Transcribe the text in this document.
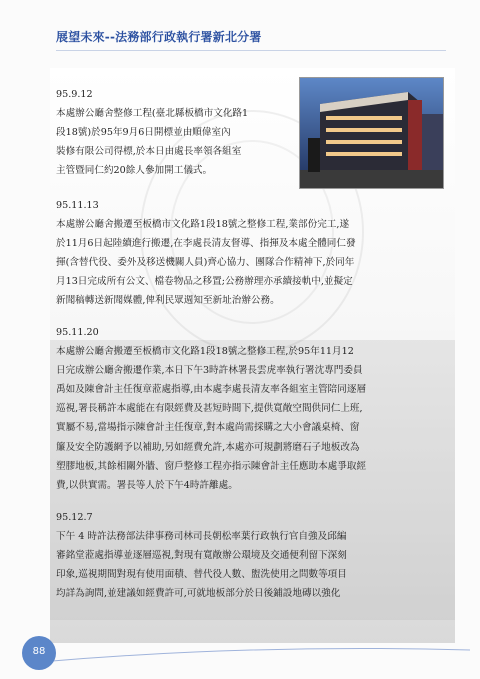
展望未來--法務部行政執行署新北分署
95.9.12
本處辦公廳舍整修工程(臺北縣板橋市文化路1
段18號)於95年9月6日開標並由順偉室內
裝修有限公司得標,於本日由處長率領各組室
主管暨同仁約20餘人參加開工儀式。
95.11.13
本處辦公廳舍搬遷至板橋市文化路1段18號之整修工程,業部份完工,遂
於11月6日起陸續進行搬遷,在李處長清友督導、指揮及本處全體同仁發
揮(含替代役、委外及移送機關人員)齊心協力、團隊合作精神下,於同年
月13日完成所有公文、檔卷物品之移置;公務辦理亦承續接軌中,並擬定
新聞稿轉送新聞媒體,俾利民眾週知至新址治辦公務。
95.11.20
本處辦公廳舍搬遷至板橋市文化路1段18號之整修工程,於95年11月12
日完成辦公廳舍搬遷作業,本日下午3時許林署長雲虎率執行署沈專門委員
禹如及陳會計主任復章蒞處指導,由本處李處長清友率各組室主管陪同逐層
巡視,署長稱許本處能在有限經費及甚短時間下,提供寬敞空間供同仁上班,
實屬不易,當場指示陳會計主任復章,對本處尚需採購之大小會議桌椅、窗
簾及安全防護網予以補助,另如經費允許,本處亦可規劃將磨石子地板改為
塑膠地板,其餘相關外牆、窗戶整修工程亦指示陳會計主任應助本處爭取經
費,以供實需。署長等人於下午4時許離處。
95.12.7
下午 4 時許法務部法律事務司林司長朝松率葉行政執行官自強及邱編
審銘堂蒞處指導並逐層巡視,對現有寬敞辦公環境及交通便利留下深刻
印象,巡視期間對現有使用面積、替代役人數、盥洗使用之問數等項目
均詳為詢問,並建議如經費許可,可就地板部分於日後鋪設地磚以強化
88
